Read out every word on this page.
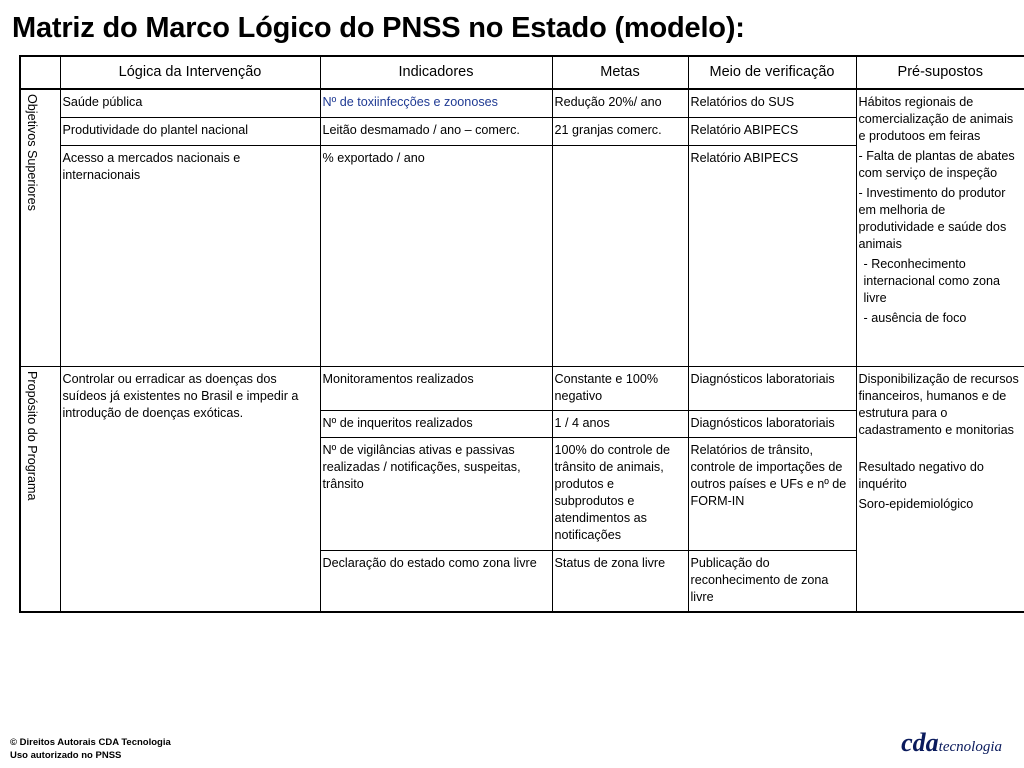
Matriz do Marco Lógico do PNSS no Estado (modelo):
	Lógica da Intervenção	Indicadores	Metas	Meio de verificação	Pré-supostos
Objetivos Superiores	Saúde pública	Nº de toxiinfecções e zoonoses	Redução 20%/ ano	Relatórios do SUS	Hábitos regionais de comercialização de animais e produtoos em feiras
- Falta de plantas de abates com serviço de inspeção
- Investimento do produtor em melhoria de produtividade e saúde dos animais
- Reconhecimento internacional como zona livre
- ausência de foco

	Produtividade do plantel nacional	Leitão desmamado / ano – comerc.	21 granjas comerc.	Relatório ABIPECS	
	Acesso a mercados nacionais e internacionais	% exportado / ano		Relatório ABIPECS	
Propósito do Programa	Controlar ou erradicar as doenças dos suídeos já existentes no Brasil e impedir a introdução de doenças exóticas.	Monitoramentos realizados	Constante e 100% negativo	Diagnósticos laboratoriais	Disponibilização de recursos financeiros, humanos e de estrutura para o cadastramento e monitorias
Resultado negativo do inquérito
Soro-epidemiológico

		Nº de inqueritos realizados	1 / 4 anos	Diagnósticos laboratoriais	
		Nº de vigilâncias ativas e passivas realizadas / notificações, suspeitas, trânsito	100% do controle de trânsito de animais, produtos e subprodutos e atendimentos as notificações	Relatórios de trânsito, controle de importações de outros países e UFs e nº de FORM-IN	
		Declaração do estado como zona livre	Status de zona livre	Publicação do reconhecimento de zona livre	
© Direitos Autorais CDA Tecnologia
Uso autorizado no PNSS	cdatecnologia
